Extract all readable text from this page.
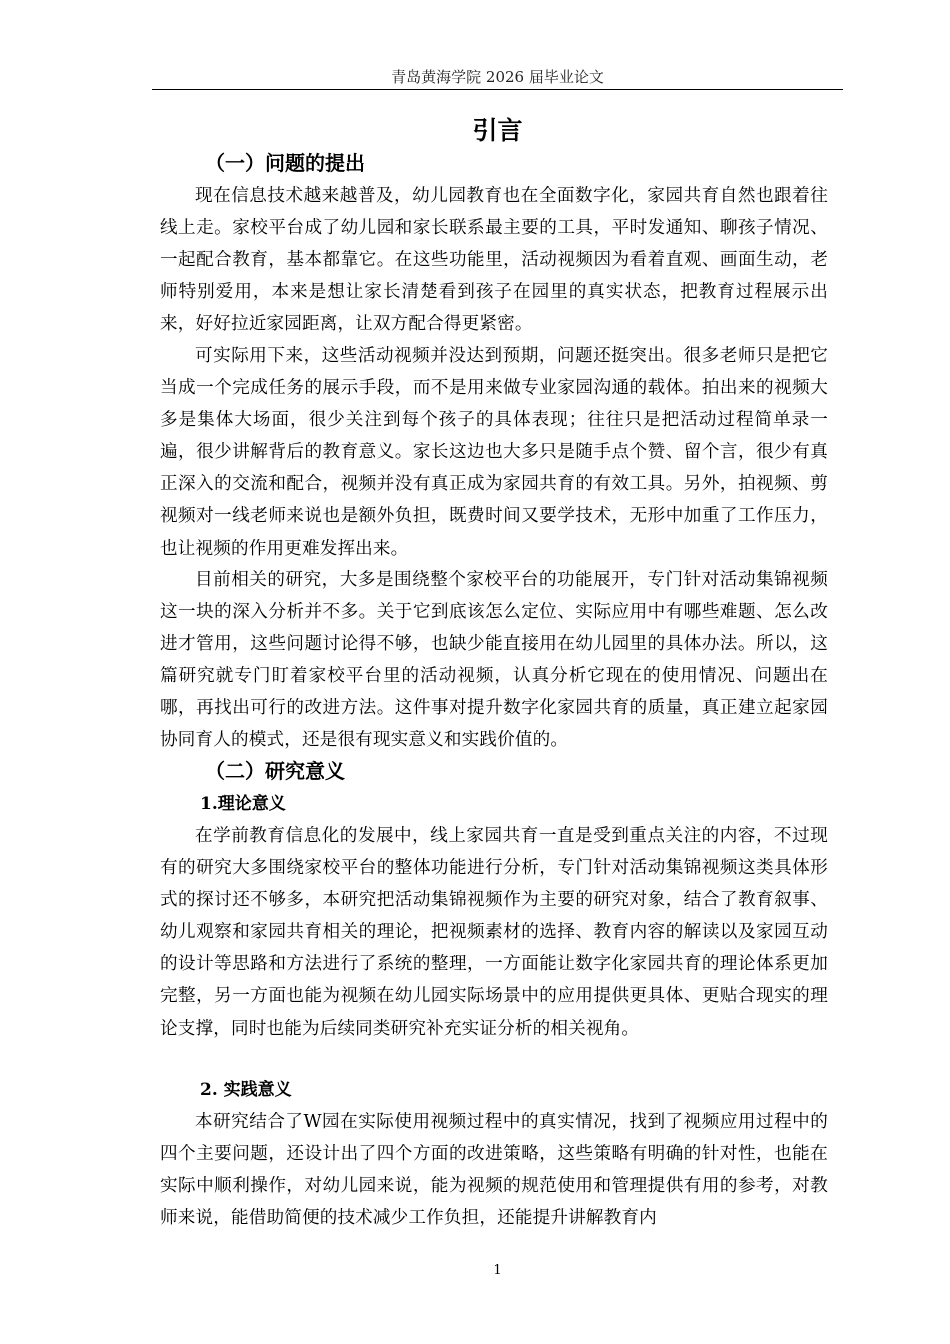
青岛黄海学院 2026 届毕业论文
引言
（一）问题的提出

现在信息技术越来越普及，幼儿园教育也在全面数字化，家园共育自然也跟着往线上走。家校平台成了幼儿园和家长联系最主要的工具，平时发通知、聊孩子情况、一起配合教育，基本都靠它。在这些功能里，活动视频因为看着直观、画面生动，老师特别爱用，本来是想让家长清楚看到孩子在园里的真实状态，把教育过程展示出来，好好拉近家园距离，让双方配合得更紧密。

可实际用下来，这些活动视频并没达到预期，问题还挺突出。很多老师只是把它当成一个完成任务的展示手段，而不是用来做专业家园沟通的载体。拍出来的视频大多是集体大场面，很少关注到每个孩子的具体表现；往往只是把活动过程简单录一遍，很少讲解背后的教育意义。家长这边也大多只是随手点个赞、留个言，很少有真正深入的交流和配合，视频并没有真正成为家园共育的有效工具。另外，拍视频、剪视频对一线老师来说也是额外负担，既费时间又要学技术，无形中加重了工作压力，也让视频的作用更难发挥出来。

目前相关的研究，大多是围绕整个家校平台的功能展开，专门针对活动集锦视频这一块的深入分析并不多。关于它到底该怎么定位、实际应用中有哪些难题、怎么改进才管用，这些问题讨论得不够，也缺少能直接用在幼儿园里的具体办法。所以，这篇研究就专门盯着家校平台里的活动视频，认真分析它现在的使用情况、问题出在哪，再找出可行的改进方法。这件事对提升数字化家园共育的质量，真正建立起家园协同育人的模式，还是很有现实意义和实践价值的。

（二）研究意义
1.理论意义

在学前教育信息化的发展中，线上家园共育一直是受到重点关注的内容，不过现有的研究大多围绕家校平台的整体功能进行分析，专门针对活动集锦视频这类具体形式的探讨还不够多，本研究把活动集锦视频作为主要的研究对象，结合了教育叙事、幼儿观察和家园共育相关的理论，把视频素材的选择、教育内容的解读以及家园互动的设计等思路和方法进行了系统的整理，一方面能让数字化家园共育的理论体系更加完整，另一方面也能为视频在幼儿园实际场景中的应用提供更具体、更贴合现实的理论支撑，同时也能为后续同类研究补充实证分析的相关视角。

2. 实践意义

本研究结合了W园在实际使用视频过程中的真实情况，找到了视频应用过程中的四个主要问题，还设计出了四个方面的改进策略，这些策略有明确的针对性，也能在实际中顺利操作，对幼儿园来说，能为视频的规范使用和管理提供有用的参考，对教师来说，能借助简便的技术减少工作负担，还能提升讲解教育内

1
